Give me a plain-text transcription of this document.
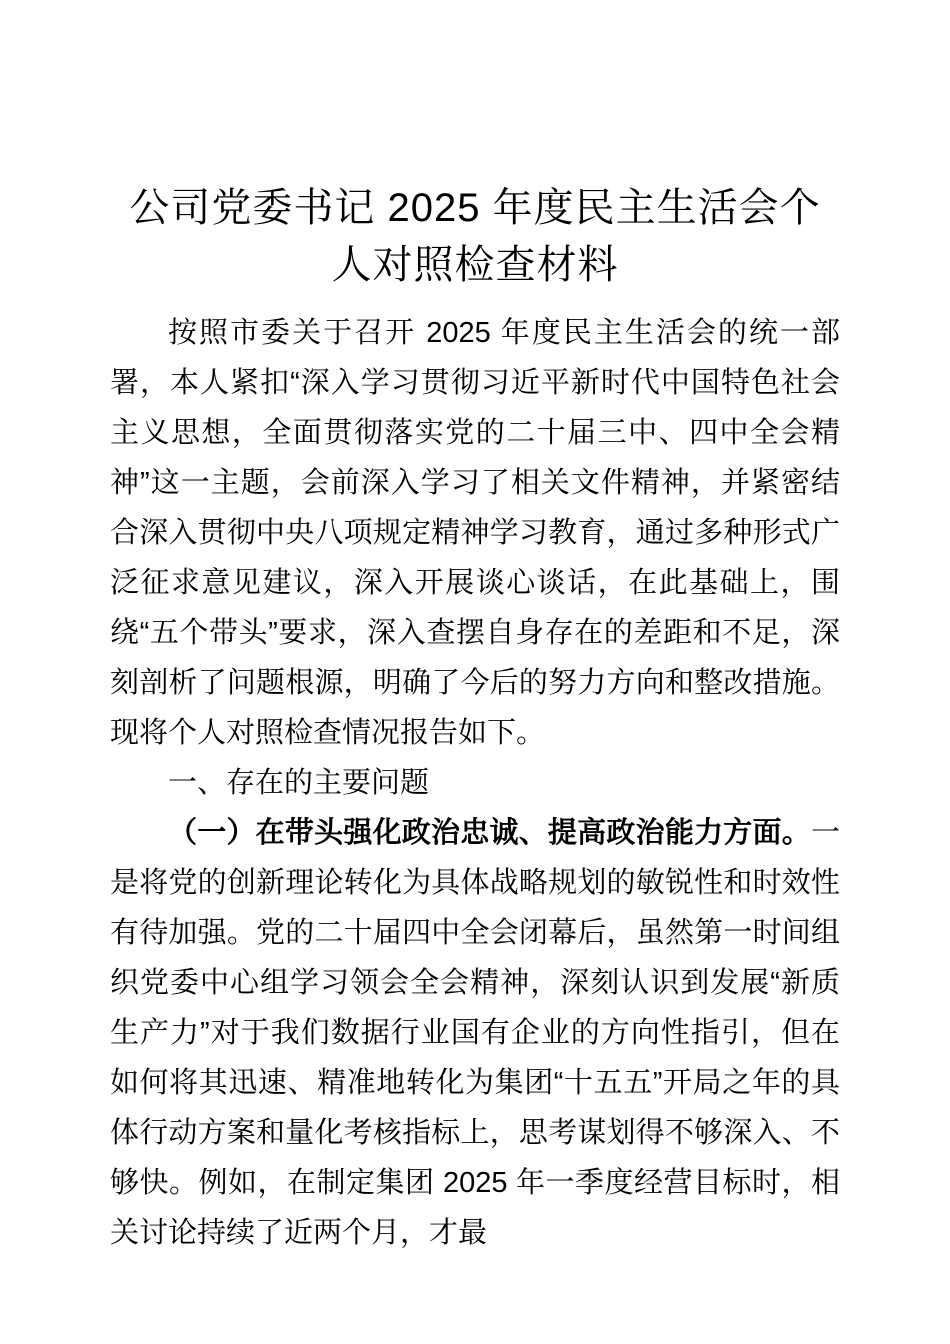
公司党委书记 2025 年度民主生活会个人对照检查材料

按照市委关于召开 2025 年度民主生活会的统一部署，本人紧扣“深入学习贯彻习近平新时代中国特色社会主义思想，全面贯彻落实党的二十届三中、四中全会精神”这一主题，会前深入学习了相关文件精神，并紧密结合深入贯彻中央八项规定精神学习教育，通过多种形式广泛征求意见建议，深入开展谈心谈话，在此基础上，围绕“五个带头”要求，深入查摆自身存在的差距和不足，深刻剖析了问题根源，明确了今后的努力方向和整改措施。现将个人对照检查情况报告如下。

一、存在的主要问题

（一）在带头强化政治忠诚、提高政治能力方面。一是将党的创新理论转化为具体战略规划的敏锐性和时效性有待加强。党的二十届四中全会闭幕后，虽然第一时间组织党委中心组学习领会全会精神，深刻认识到发展“新质生产力”对于我们数据行业国有企业的方向性指引，但在如何将其迅速、精准地转化为集团“十五五”开局之年的具体行动方案和量化考核指标上，思考谋划得不够深入、不够快。例如，在制定集团 2025 年一季度经营目标时，相关讨论持续了近两个月，才最
